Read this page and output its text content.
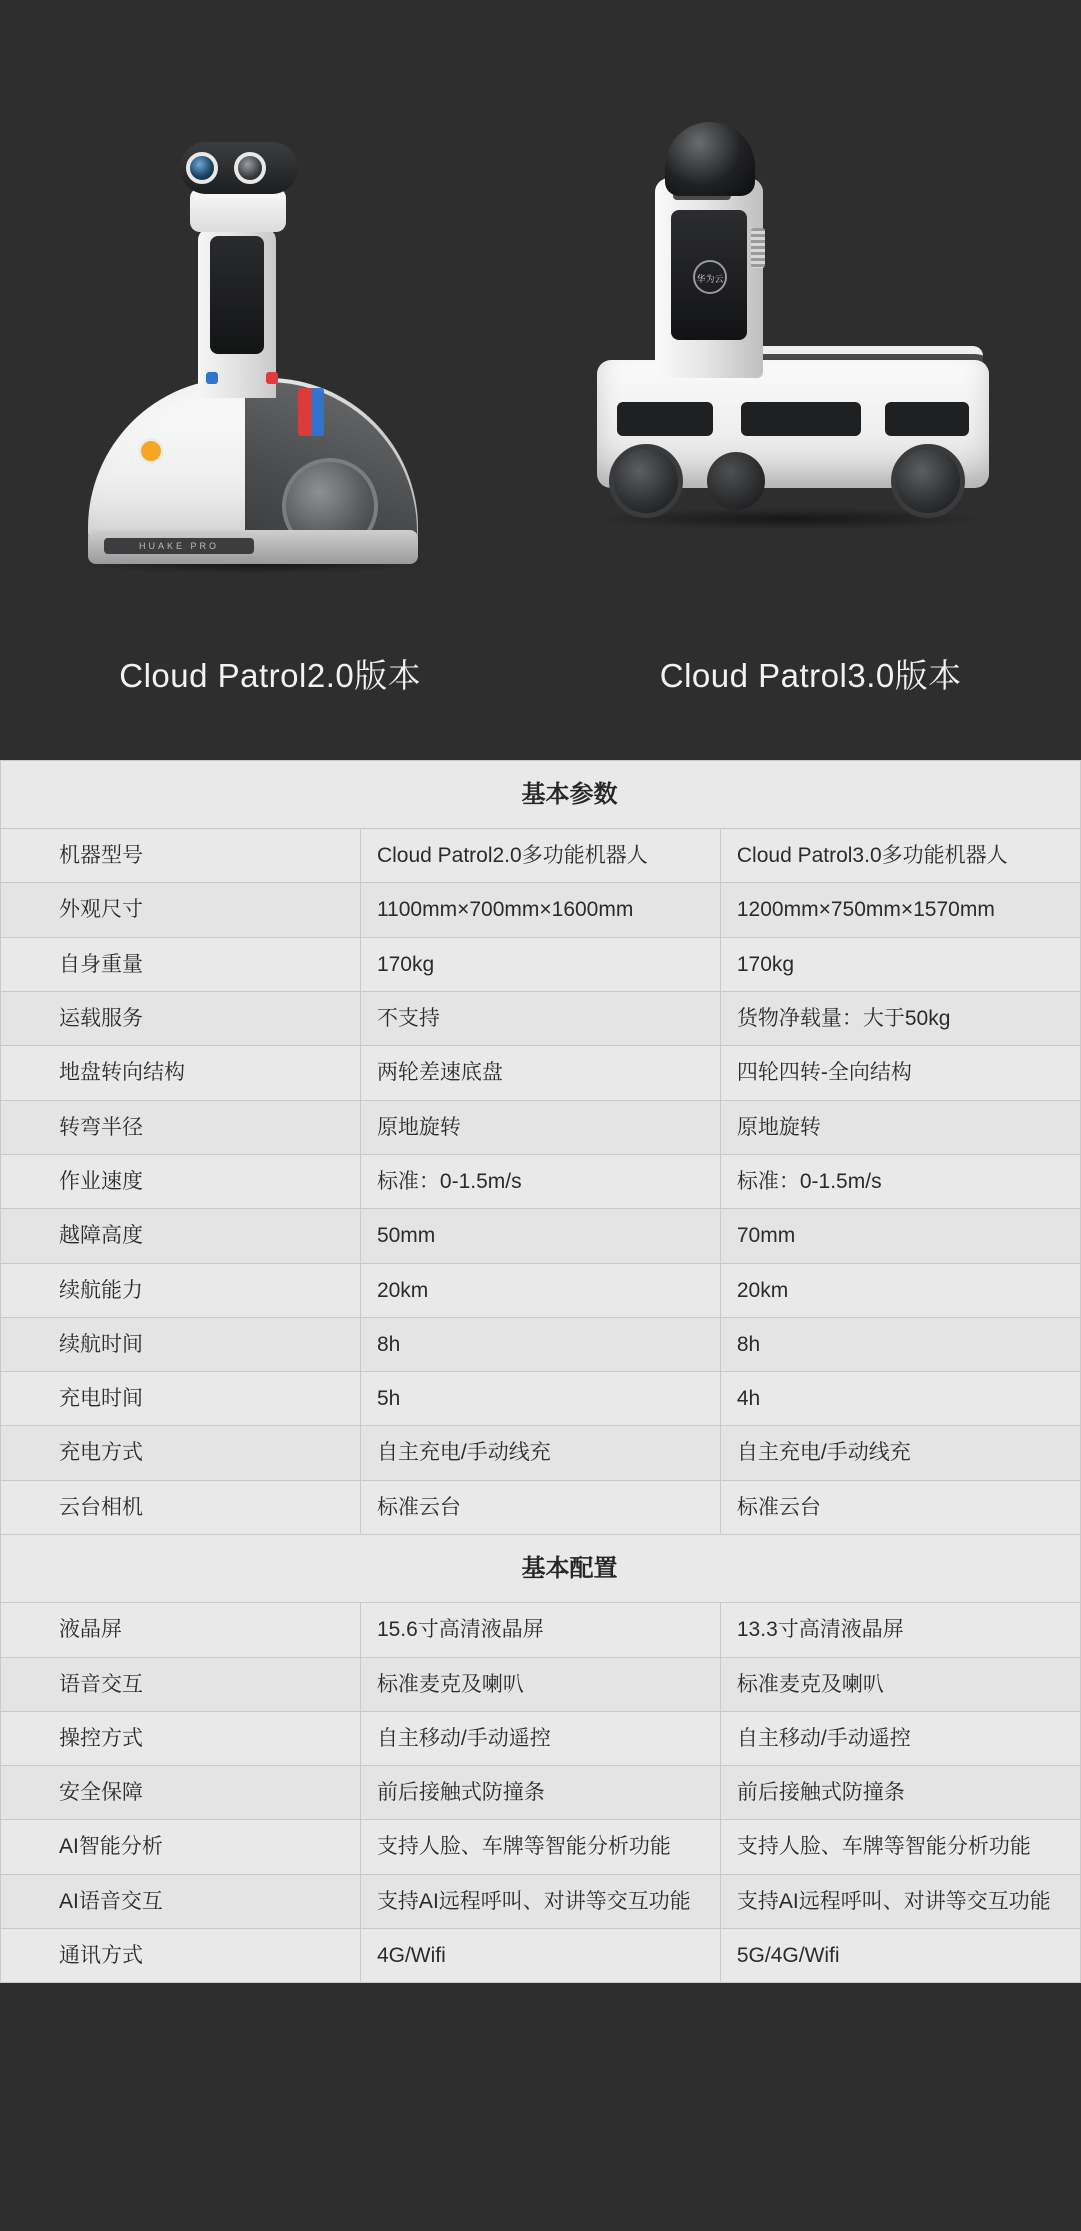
HUAKE PRO
华为云
Cloud Patrol2.0版本	Cloud Patrol3.0版本
基本参数		
机器型号	Cloud Patrol2.0多功能机器人	Cloud Patrol3.0多功能机器人
外观尺寸	1100mm×700mm×1600mm	1200mm×750mm×1570mm
自身重量	170kg	170kg
运载服务	不支持	货物净载量：大于50kg
地盘转向结构	两轮差速底盘	四轮四转-全向结构
转弯半径	原地旋转	原地旋转
作业速度	标准：0-1.5m/s	标准：0-1.5m/s
越障高度	50mm	70mm
续航能力	20km	20km
续航时间	8h	8h
充电时间	5h	4h
充电方式	自主充电/手动线充	自主充电/手动线充
云台相机	标准云台	标准云台
基本配置		
液晶屏	15.6寸高清液晶屏	13.3寸高清液晶屏
语音交互	标准麦克及喇叭	标准麦克及喇叭
操控方式	自主移动/手动遥控	自主移动/手动遥控
安全保障	前后接触式防撞条	前后接触式防撞条
AI智能分析	支持人脸、车牌等智能分析功能	支持人脸、车牌等智能分析功能
AI语音交互	支持AI远程呼叫、对讲等交互功能	支持AI远程呼叫、对讲等交互功能
通讯方式	4G/Wifi	5G/4G/Wifi
